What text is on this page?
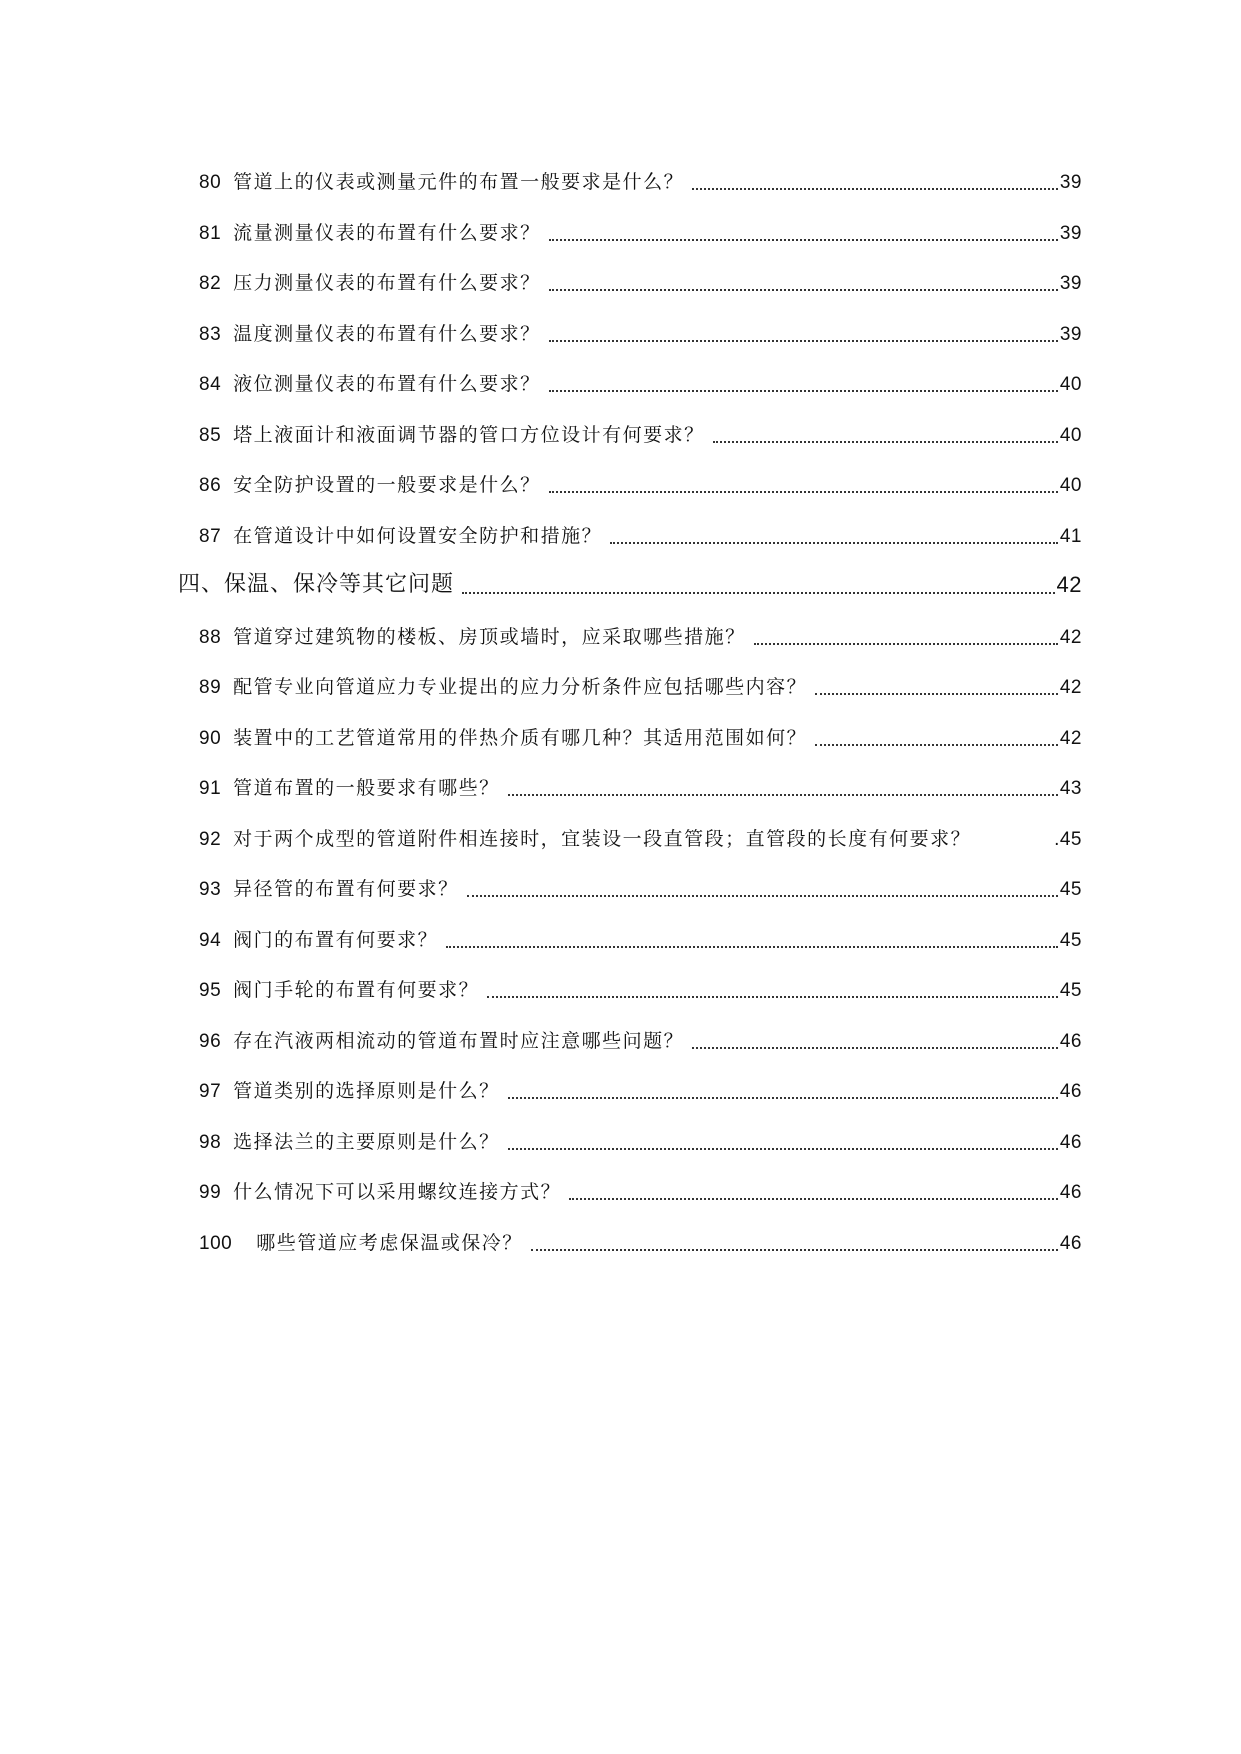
80 管道上的仪表或测量元件的布置一般要求是什么？	39
81 流量测量仪表的布置有什么要求？	39
82 压力测量仪表的布置有什么要求？	39
83 温度测量仪表的布置有什么要求？	39
84 液位测量仪表的布置有什么要求？	40
85 塔上液面计和液面调节器的管口方位设计有何要求？	40
86 安全防护设置的一般要求是什么？	40
87 在管道设计中如何设置安全防护和措施？	41
四、保温、保冷等其它问题	42
88 管道穿过建筑物的楼板、房顶或墙时，应采取哪些措施？	42
89 配管专业向管道应力专业提出的应力分析条件应包括哪些内容？	42
90 装置中的工艺管道常用的伴热介质有哪几种？其适用范围如何？	42
91 管道布置的一般要求有哪些？	43
92 对于两个成型的管道附件相连接时，宜装设一段直管段；直管段的长度有何要求？	.45
93 异径管的布置有何要求？	45
94 阀门的布置有何要求？	45
95 阀门手轮的布置有何要求？	45
96 存在汽液两相流动的管道布置时应注意哪些问题？	46
97 管道类别的选择原则是什么？	46
98 选择法兰的主要原则是什么？	46
99 什么情况下可以采用螺纹连接方式？	46
100 哪些管道应考虑保温或保冷？	46
